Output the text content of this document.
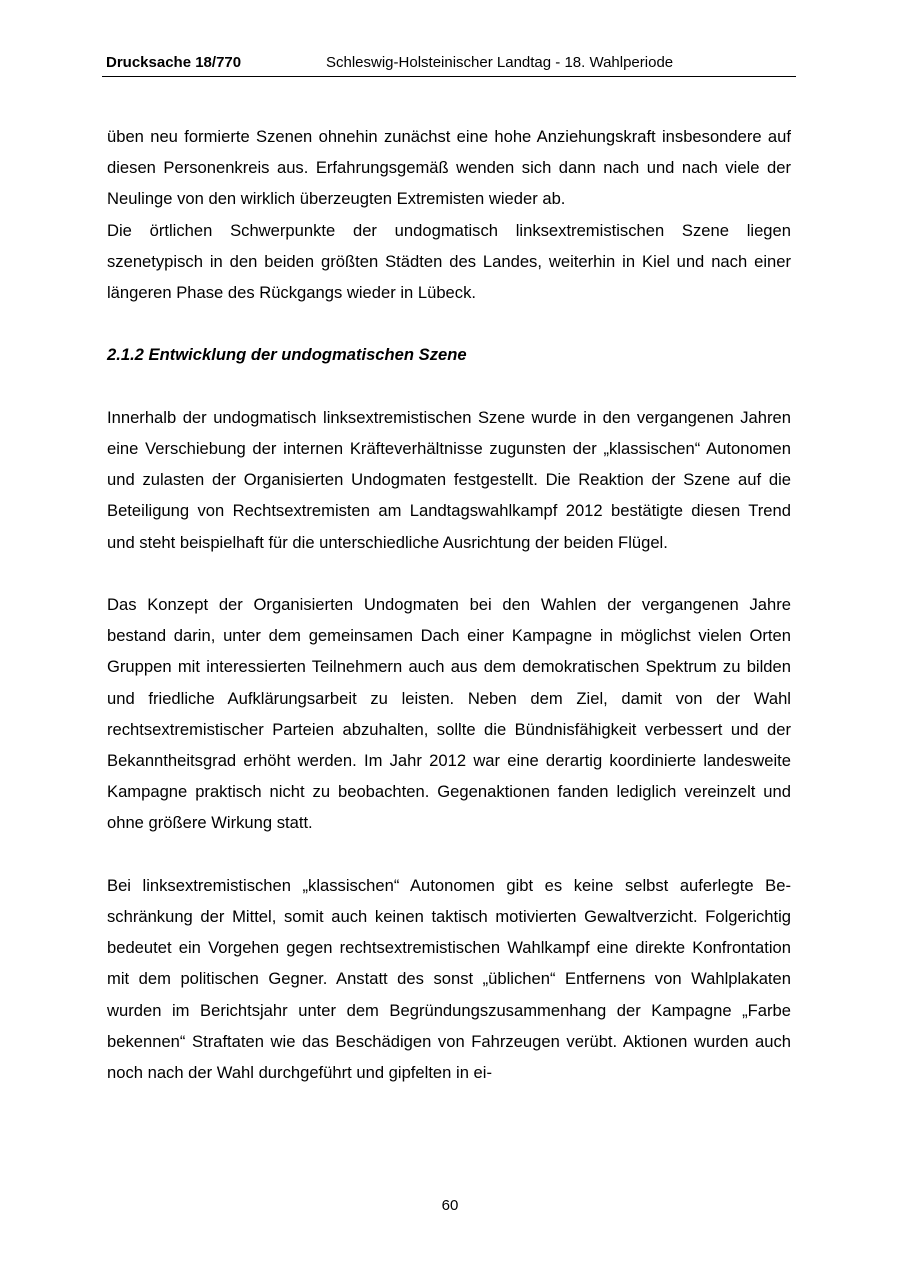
Drucksache 18/770	Schleswig-Holsteinischer Landtag - 18. Wahlperiode

üben neu formierte Szenen ohnehin zunächst eine hohe Anziehungskraft insbesondere auf diesen Personenkreis aus. Erfahrungsgemäß wenden sich dann nach und nach viele der Neulinge von den wirklich überzeugten Extremisten wieder ab.

Die örtlichen Schwerpunkte der undogmatisch linksextremistischen Szene liegen szenetypisch in den beiden größten Städten des Landes, weiterhin in Kiel und nach einer längeren Phase des Rückgangs wieder in Lübeck.

2.1.2 Entwicklung der undogmatischen Szene

Innerhalb der undogmatisch linksextremistischen Szene wurde in den vergangenen Jahren eine Verschiebung der internen Kräfteverhältnisse zugunsten der „klassischen“ Autonomen und zulasten der Organisierten Undogmaten festgestellt. Die Reaktion der Szene auf die Beteiligung von Rechtsextremisten am Landtagswahlkampf 2012 bestätigte diesen Trend und steht beispielhaft für die unterschiedliche Ausrichtung der beiden Flügel.

Das Konzept der Organisierten Undogmaten bei den Wahlen der vergangenen Jahre bestand darin, unter dem gemeinsamen Dach einer Kampagne in möglichst vielen Orten Gruppen mit interessierten Teilnehmern auch aus dem demokratischen Spektrum zu bilden und friedliche Aufklärungsarbeit zu leisten. Neben dem Ziel, damit von der Wahl rechtsextremistischer Parteien abzuhalten, sollte die Bündnisfähigkeit verbessert und der Bekanntheitsgrad erhöht werden. Im Jahr 2012 war eine derartig koordinierte landesweite Kampagne praktisch nicht zu beobachten. Gegenaktionen fanden lediglich vereinzelt und ohne größere Wirkung statt.

Bei linksextremistischen „klassischen“ Autonomen gibt es keine selbst auferlegte Beschränkung der Mittel, somit auch keinen taktisch motivierten Gewaltverzicht. Folgerichtig bedeutet ein Vorgehen gegen rechtsextremistischen Wahlkampf eine direkte Konfrontation mit dem politischen Gegner. Anstatt des sonst „üblichen“ Entfernens von Wahlplakaten wurden im Berichtsjahr unter dem Begründungszusammenhang der Kampagne „Farbe bekennen“ Straftaten wie das Beschädigen von Fahrzeugen verübt. Aktionen wurden auch noch nach der Wahl durchgeführt und gipfelten in ei-

60
